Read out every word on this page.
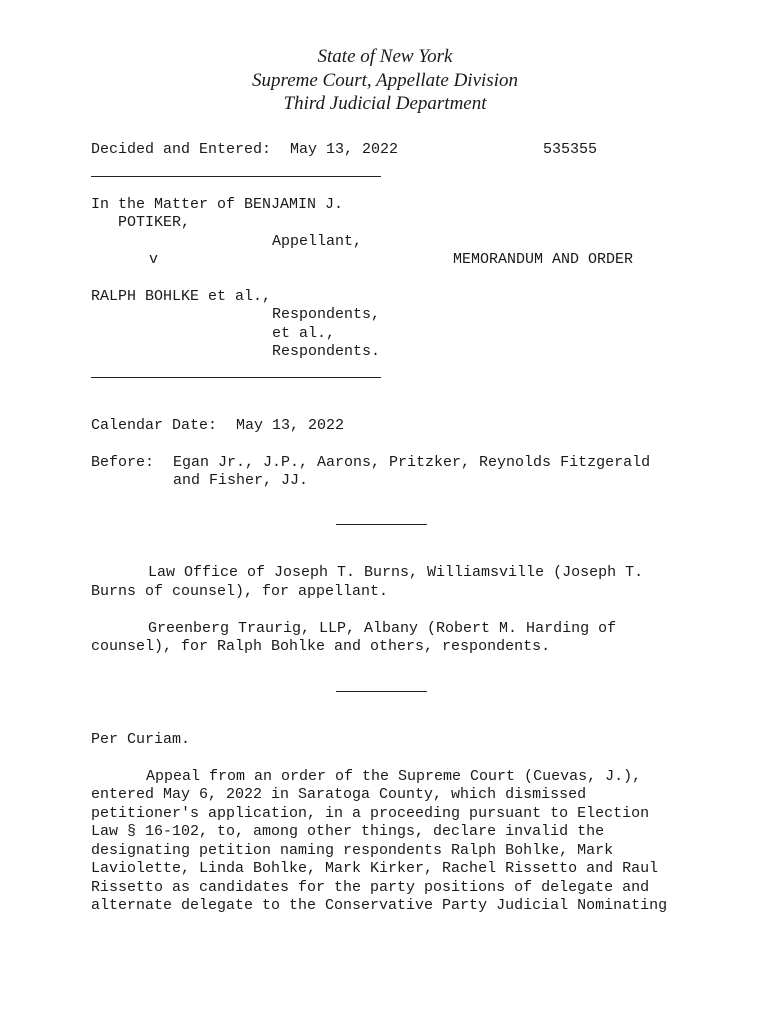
State of New York
Supreme Court, Appellate Division
Third Judicial Department
Decided and Entered: May 13, 2022	535355
In the Matter of BENJAMIN J.
POTIKER,
Appellant,
v	MEMORANDUM AND ORDER
RALPH BOHLKE et al.,
Respondents,
et al.,
Respondents.
Calendar Date: May 13, 2022
Before: Egan Jr., J.P., Aarons, Pritzker, Reynolds Fitzgerald
and Fisher, JJ.
Law Office of Joseph T. Burns, Williamsville (Joseph T.
Burns of counsel), for appellant.
Greenberg Traurig, LLP, Albany (Robert M. Harding of
counsel), for Ralph Bohlke and others, respondents.
Per Curiam.
Appeal from an order of the Supreme Court (Cuevas, J.),
entered May 6, 2022 in Saratoga County, which dismissed
petitioner's application, in a proceeding pursuant to Election
Law § 16-102, to, among other things, declare invalid the
designating petition naming respondents Ralph Bohlke, Mark
Laviolette, Linda Bohlke, Mark Kirker, Rachel Rissetto and Raul
Rissetto as candidates for the party positions of delegate and
alternate delegate to the Conservative Party Judicial Nominating
